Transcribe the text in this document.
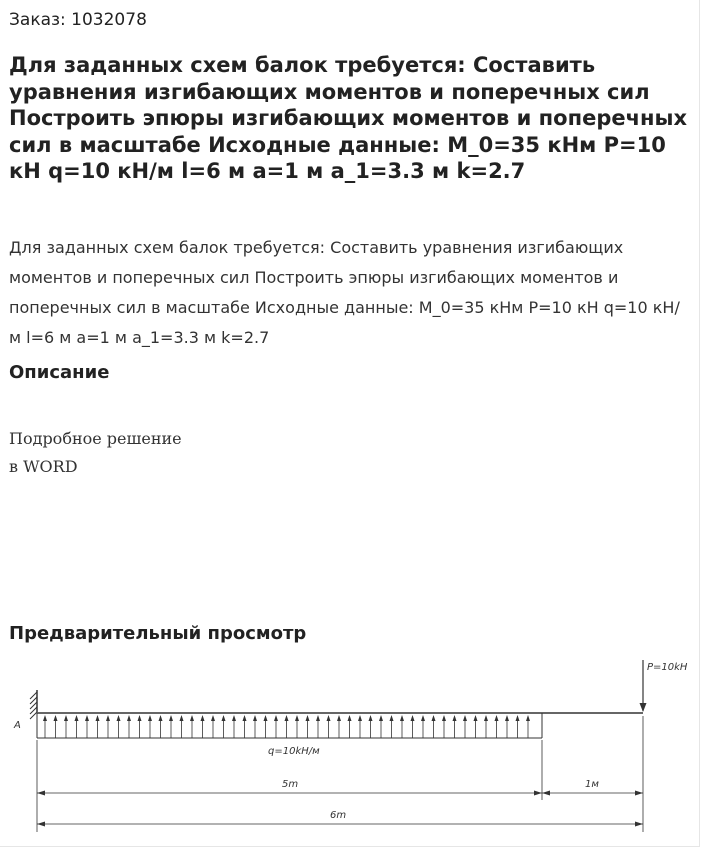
Заказ: 1032078
Для заданных схем балок требуется: Составить уравнения изгибающих моментов и поперечных сил Построить эпюры изгибающих моментов и поперечных сил в масштабе Исходные данные: M_0=35 кНм P=10 кН q=10 кН/м l=6 м a=1 м a_1=3.3 м k=2.7

Для заданных схем балок требуется: Составить уравнения изгибающих моментов и поперечных сил Построить эпюры изгибающих моментов и поперечных сил в масштабе Исходные данные: M_0=35 кНм P=10 кН q=10 кН/м l=6 м a=1 м a_1=3.3 м k=2.7

Описание
Подробное решение
в WORD
Предварительный просмотр
A
q=10kH/м
P=10kH
5m	1м
6m
